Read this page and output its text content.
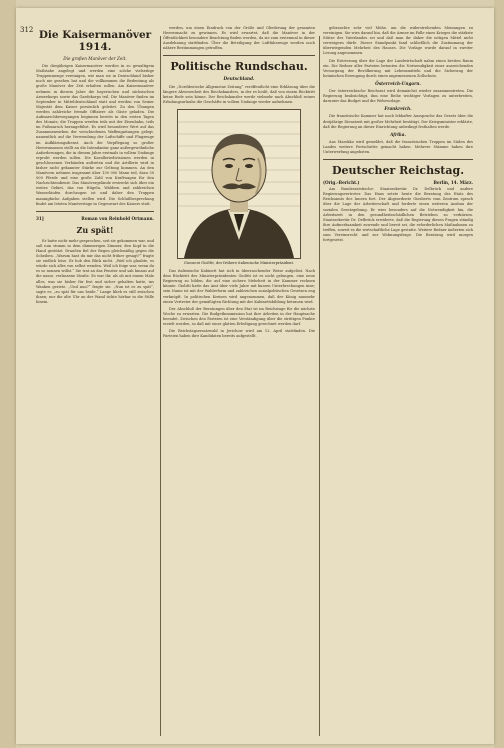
312 Die Kaisermanöver 1914.
Die großen Manöver der Zeit.

Die diesjährigen Kaisermanöver werden in so gewaltigem Maßstabe angelegt und werden eine solche vielseitige Truppenmenge vereinigen, wie man sie in Deutschland bisher noch nie gesehen hat und die vollkommen die Bedeutung als große Manöver der Zeit erhalten sollen. Am Kaisermanöver nehmen in diesem Jahre die bayerischen und sächsischen Armeekorps sowie das Gardekorps teil. Die Manöver finden im September in Mitteldeutschland statt und werden von Seiner Majestät dem Kaiser persönlich geleitet. Zu den Übungen werden zahlreiche fremde Offiziere als Gäste geladen. Die Aufmarschbewegungen beginnen bereits in den ersten Tagen des Monats; die Truppen werden teils mit der Eisenbahn, teils im Fußmarsch herangeführt. Es wird besonderer Wert auf das Zusammenwirken der verschiedenen Waffengattungen gelegt, namentlich auf die Verwendung der Luftschiffe und Flugzeuge im Aufklärungsdienst. Auch die Verpflegung so großer Heeresmassen stellt an die Intendantur ganz außergewöhnliche Anforderungen, die in diesem Jahre erstmals in vollem Umfange erprobt werden sollen. Die Kavalleriedivisionen werden in geschlossenen Verbänden auftreten und die Artillerie wird in bisher nicht gekannter Stärke zur Geltung kommen. An den Manövern nehmen insgesamt über 130 000 Mann teil, dazu 30 000 Pferde und eine große Zahl von Kraftwagen für den Nachrichtendienst. Das Manövergelände erstreckt sich über ein weites Gebiet, das von Hügeln, Wäldern und zahlreichen Wasserläufen durchzogen ist und daher den Truppen mannigfache Aufgaben stellen wird. Die Schlußbesprechung findet am letzten Manövertage in Gegenwart des Kaisers statt.

31]	Roman von Reinhold Ortmann.
Zu spät!

Er hatte nicht mehr gesprochen, seit sie gekommen war, und saß nun stumm in dem dämmerigen Zimmer, den Kopf in die Hand gestützt. Draußen fiel der Regen gleichmäßig gegen die Scheiben. „Warum hast du mir das nicht früher gesagt?“ fragte sie endlich leise. Er hob den Blick nicht. „Weil ich glaubte, es würde sich alles von selbst wenden. Weil ich feige war, wenn du es so nennen willst.“ Sie trat an das Fenster und sah hinaus auf die nasse, verlassene Straße. Es war ihr, als ob mit einem Male alles, was sie bisher für fest und sicher gehalten hatte, ins Wanken geriete. „Und nun?“ fragte sie. „Nun ist es zu spät“, sagte er, „zu spät für uns beide.“ Lange blieb es still zwischen ihnen; nur die alte Uhr an der Wand tickte hörbar in die Stille hinein.

werden, um einen Eindruck von der Größe und Gliederung der gesamten Heeresmacht zu gewinnen. Es wird erwartet, daß die Manöver in der Öffentlichkeit besondere Beachtung finden werden, da sie zum erstenmal in dieser Ausdehnung stattfinden. Über die Beteiligung der Luftfahrzeuge werden noch nähere Bestimmungen getroffen.

Politische Rundschau.
Deutschland.

Die „Norddeutsche Allgemeine Zeitung“ veröffentlicht eine Erklärung über die längere Abwesenheit des Reichskanzlers, in der es heißt, daß von einem Rücktritt keine Rede sein könne. Der Reichskanzler werde vielmehr nach Abschluß seines Erholungsurlaubs die Geschäfte in vollem Umfange wieder aufnehmen.

Giovanni Giolitti, der frühere italienische Ministerpräsident.

Das italienische Kabinett hat sich in überraschender Weise aufgelöst. Nach dem Rücktritt des Ministerpräsidenten Giolitti ist es nicht gelungen, eine neue Regierung zu bilden, die auf eine sichere Mehrheit in der Kammer rechnen könnte. Giolitti hatte das Amt über viele Jahre mit kurzen Unterbrechungen inne; sein Name ist mit der Wahlreform und zahlreichen sozialpolitischen Gesetzen eng verknüpft. In politischen Kreisen wird angenommen, daß der König nunmehr einen Vertreter der gemäßigten Richtung mit der Kabinettsbildung betrauen wird.

Der Abschluß der Beratungen über den Etat ist im Reichstage für die nächste Woche zu erwarten. Die Budgetkommission hat ihre Arbeiten in der Hauptsache beendet. Zwischen den Parteien ist eine Verständigung über die strittigen Punkte erzielt worden, so daß mit einer glatten Erledigung gerechnet werden darf.

Die Reichstagsersatzwahl in Jerichow wird am 12. April stattfinden. Die Parteien haben ihre Kandidaten bereits aufgestellt.

gebrauchte sehr viel Mühe, um die widerstrebenden Meinungen zu vereinigen. Sie wies darauf hin, daß die Armee im Falle eines Krieges die stärkste Stütze des Vaterlandes sei und daß man ihr daher die nötigen Mittel nicht verweigern dürfe. Dieser Standpunkt fand schließlich die Zustimmung der überwiegenden Mehrheit des Hauses. Die Vorlage wurde darauf in zweiter Lesung angenommen.

Die Erörterung über die Lage der Landwirtschaft nahm einen breiten Raum ein. Die Redner aller Parteien betonten die Notwendigkeit einer ausreichenden Versorgung der Bevölkerung mit Lebensmitteln und die Sicherung der heimischen Erzeugung durch einen angemessenen Zollschutz.

Österreich-Ungarn.

Der österreichische Reichsrat wird demnächst wieder zusammentreten. Die Regierung beabsichtigt, ihm eine Reihe wichtiger Vorlagen zu unterbreiten, darunter das Budget und die Wehrvorlage.

Frankreich.

Die französische Kammer hat nach lebhafter Aussprache das Gesetz über die dreijährige Dienstzeit mit großer Mehrheit bestätigt. Der Kriegsminister erklärte, daß die Regierung an dieser Einrichtung unbedingt festhalten werde.

Afrika.

Aus Marokko wird gemeldet, daß die französischen Truppen im Süden des Landes weitere Fortschritte gemacht haben. Mehrere Stämme haben ihre Unterwerfung angeboten.

Deutscher Reichstag.
(Orig.-Bericht.)	Berlin, 14. März.

Am Bundesratstische: Staatssekretär Dr. Delbrück und andere Regierungsvertreter. Das Haus setzte heute die Beratung des Etats des Reichsamts des Innern fort. Der Abgeordnete Giesberts vom Zentrum sprach über die Lage der Arbeiterschaft und forderte einen weiteren Ausbau der sozialen Gesetzgebung. Er wies besonders auf die Notwendigkeit hin, die Arbeitszeit in den gesundheitsschädlichen Betrieben zu verkürzen. Staatssekretär Dr. Delbrück erwiderte, daß die Regierung diesen Fragen ständig ihre Aufmerksamkeit zuwende und bereit sei, die erforderlichen Maßnahmen zu treffen, soweit es die wirtschaftliche Lage gestatte. Weitere Redner äußerten sich zum Vereinsrecht und zur Wohnungsfrage. Die Beratung wird morgen fortgesetzt.
